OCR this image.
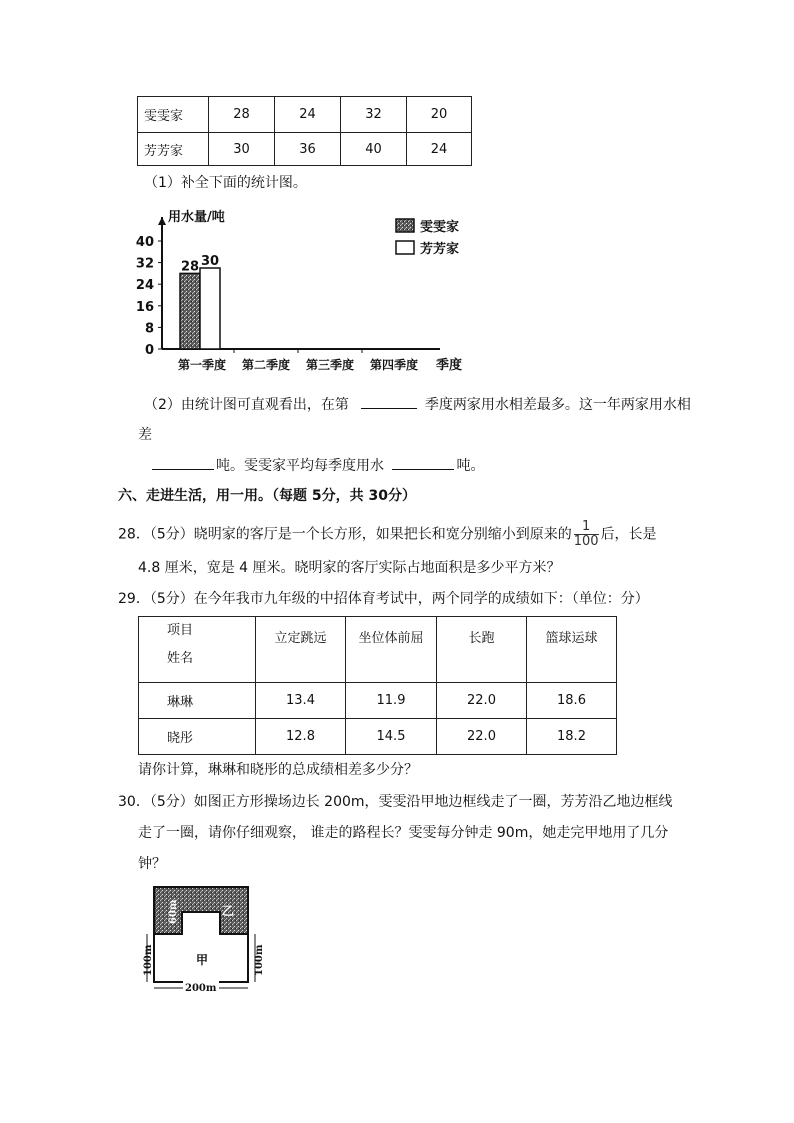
雯雯家	28	24	32	20
芳芳家	30	36	40	24
（1）补全下面的统计图。
用水量/吨
季度
0
8
16
24
32
40
第一季度 第二季度 第三季度 第四季度
28 30
雯雯家
芳芳家
（2）由统计图可直观看出，在第	季度两家用水相差最多。这一年两家用水相
差
吨。雯雯家平均每季度用水	吨。
六、走进生活，用一用。（每题 5分，共 30分）
28．（5分）晓明家的客厅是一个长方形，如果把长和宽分别缩小到原来的 $\frac{1}{100}$ 后，长是
4.8 厘米，宽是 4 厘米。晓明家的客厅实际占地面积是多少平方米？
29．（5分）在今年我市九年级的中招体育考试中，两个同学的成绩如下：（单位：分）
项目
姓名	立定跳远	坐位体前屈	长跑	篮球运球
琳琳	13.4	11.9	22.0	18.6
晓彤	12.8	14.5	22.0	18.2
请你计算，琳琳和晓彤的总成绩相差多少分？
30．（5分）如图正方形操场边长 200m，雯雯沿甲地边框线走了一圈，芳芳沿乙地边框线
走了一圈，请你仔细观察， 谁走的路程长？雯雯每分钟走 90m，她走完甲地用了几分
钟？
60m	乙
甲
100m	100m
200m
